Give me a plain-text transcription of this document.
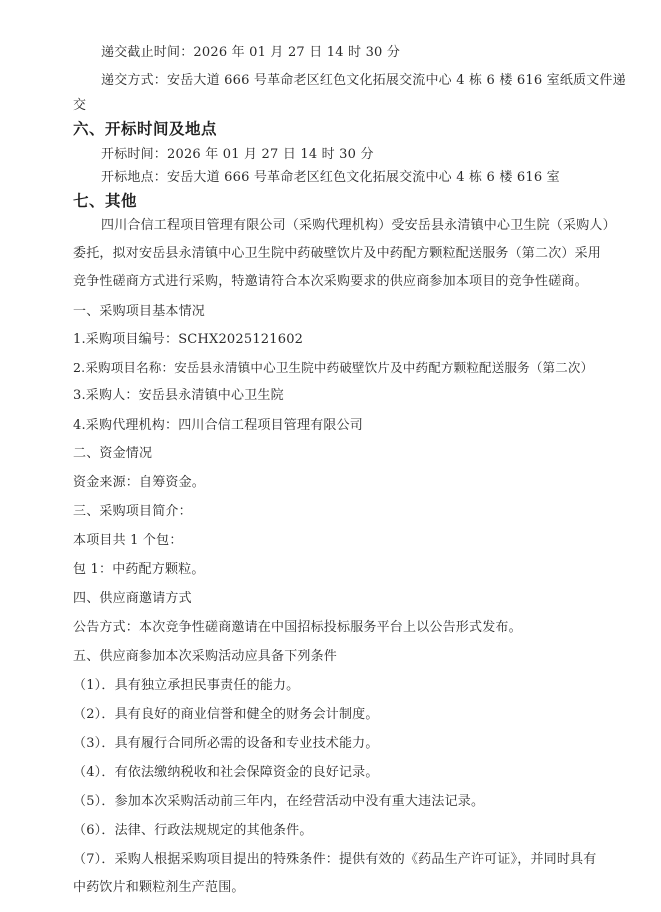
递交截止时间：2026 年 01 月 27 日 14 时 30 分
递交方式：安岳大道 666 号革命老区红色文化拓展交流中心 4 栋 6 楼 616 室纸质文件递
交
六、开标时间及地点
开标时间：2026 年 01 月 27 日 14 时 30 分
开标地点：安岳大道 666 号革命老区红色文化拓展交流中心 4 栋 6 楼 616 室
七、其他
四川合信工程项目管理有限公司（采购代理机构）受安岳县永清镇中心卫生院（采购人）
委托，拟对安岳县永清镇中心卫生院中药破壁饮片及中药配方颗粒配送服务（第二次）采用
竞争性磋商方式进行采购，特邀请符合本次采购要求的供应商参加本项目的竞争性磋商。
一、采购项目基本情况
1.采购项目编号：SCHX2025121602
2.采购项目名称：安岳县永清镇中心卫生院中药破壁饮片及中药配方颗粒配送服务（第二次）
3.采购人：安岳县永清镇中心卫生院
4.采购代理机构：四川合信工程项目管理有限公司
二、资金情况
资金来源：自筹资金。
三、采购项目简介：
本项目共 1 个包：
包 1：中药配方颗粒。
四、供应商邀请方式
公告方式：本次竞争性磋商邀请在中国招标投标服务平台上以公告形式发布。
五、供应商参加本次采购活动应具备下列条件
（1）．具有独立承担民事责任的能力。
（2）．具有良好的商业信誉和健全的财务会计制度。
（3）．具有履行合同所必需的设备和专业技术能力。
（4）．有依法缴纳税收和社会保障资金的良好记录。
（5）．参加本次采购活动前三年内，在经营活动中没有重大违法记录。
（6）．法律、行政法规规定的其他条件。
（7）．采购人根据采购项目提出的特殊条件：提供有效的《药品生产许可证》，并同时具有
中药饮片和颗粒剂生产范围。
